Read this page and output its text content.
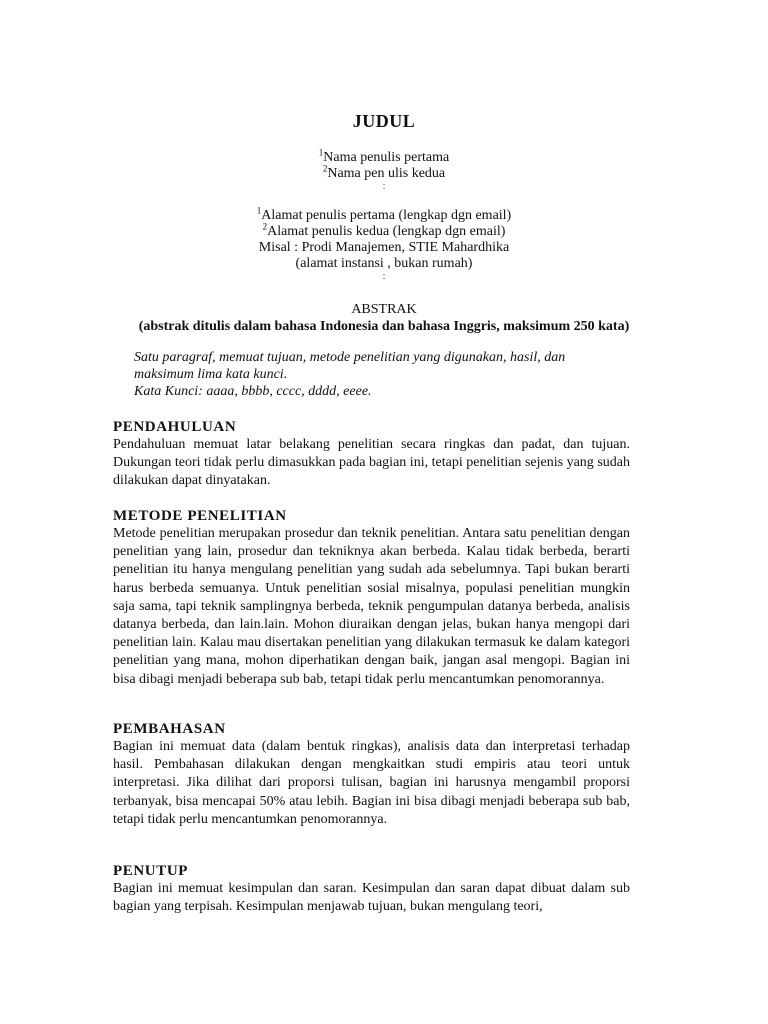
JUDUL
$^1$Nama penulis pertama
$^2$Nama pen ulis kedua
:
$^1$Alamat penulis pertama (lengkap dgn email)
$^2$Alamat penulis kedua (lengkap dgn email)
Misal : Prodi Manajemen, STIE Mahardhika
(alamat instansi , bukan rumah)
:
ABSTRAK
(abstrak ditulis dalam bahasa Indonesia dan bahasa Inggris, maksimum 250 kata)
Satu paragraf, memuat tujuan, metode penelitian yang digunakan, hasil, dan maksimum lima kata kunci.
Kata Kunci: aaaa, bbbb, cccc, dddd, eeee.
PENDAHULUAN

Pendahuluan memuat latar belakang penelitian secara ringkas dan padat, dan tujuan. Dukungan teori tidak perlu dimasukkan pada bagian ini, tetapi penelitian sejenis yang sudah dilakukan dapat dinyatakan.

METODE PENELITIAN

Metode penelitian merupakan prosedur dan teknik penelitian. Antara satu penelitian dengan penelitian yang lain, prosedur dan tekniknya akan berbeda. Kalau tidak berbeda, berarti penelitian itu hanya mengulang penelitian yang sudah ada sebelumnya. Tapi bukan berarti harus berbeda semuanya. Untuk penelitian sosial misalnya, populasi penelitian mungkin saja sama, tapi teknik samplingnya berbeda, teknik pengumpulan datanya berbeda, analisis datanya berbeda, dan lain.lain. Mohon diuraikan dengan jelas, bukan hanya mengopi dari penelitian lain. Kalau mau disertakan penelitian yang dilakukan termasuk ke dalam kategori penelitian yang mana, mohon diperhatikan dengan baik, jangan asal mengopi. Bagian ini bisa dibagi menjadi beberapa sub bab, tetapi tidak perlu mencantumkan penomorannya.

PEMBAHASAN

Bagian ini memuat data (dalam bentuk ringkas), analisis data dan interpretasi terhadap hasil. Pembahasan dilakukan dengan mengkaitkan studi empiris atau teori untuk interpretasi. Jika dilihat dari proporsi tulisan, bagian ini harusnya mengambil proporsi terbanyak, bisa mencapai 50% atau lebih. Bagian ini bisa dibagi menjadi beberapa sub bab, tetapi tidak perlu mencantumkan penomorannya.

PENUTUP

Bagian ini memuat kesimpulan dan saran. Kesimpulan dan saran dapat dibuat dalam sub bagian yang terpisah. Kesimpulan menjawab tujuan, bukan mengulang teori,
